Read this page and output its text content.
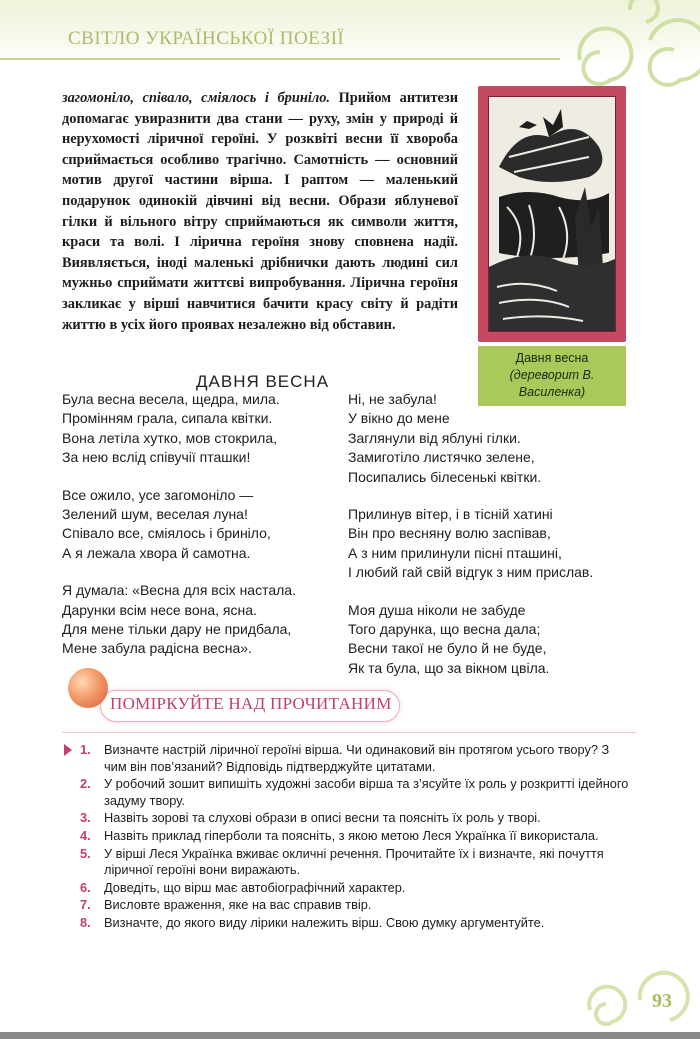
СВІТЛО УКРАЇНСЬКОЇ ПОЕЗІЇ
загомоніло, співало, сміялось і бриніло. Прийом антитези допомагає увиразнити два стани — руху, змін у природі й нерухомості ліричної героїні. У розквіті весни її хвороба сприймається особливо трагічно. Самотність — основний мотив другої частини вірша. І раптом — маленький подарунок одинокій дівчині від весни. Образи яблуневої гілки й вільного вітру сприймаються як символи життя, краси та волі. І лірична героїня знову сповнена надії. Виявляється, іноді маленькі дрібнички дають людині сил мужньо сприймати життєві випробування. Лірична героїня закликає у вірші навчитися бачити красу світу й радіти життю в усіх його проявах незалежно від обставин.
Давня весна
(дереворит В. Василенка)
ДАВНЯ ВЕСНА
Була весна весела, щедра, мила.
Промінням грала, сипала квітки.
Вона летіла хутко, мов стокрила,
За нею вслід співучії пташки!
Все ожило, усе загомоніло —
Зелений шум, веселая луна!
Співало все, сміялось і бриніло,
А я лежала хвора й самотна.
Я думала: «Весна для всіх настала.
Дарунки всім несе вона, ясна.
Для мене тільки дару не придбала,
Мене забула радісна весна».
Ні, не забула!
У вікно до мене
Заглянули від яблуні гілки.
Замиготіло листячко зелене,
Посипались білесенькі квітки.
Прилинув вітер, і в тісній хатині
Він про весняну волю заспівав,
А з ним прилинули пісні пташині,
І любий гай свій відгук з ним прислав.
Моя душа ніколи не забуде
Того дарунка, що весна дала;
Весни такої не було й не буде,
Як та була, що за вікном цвіла.
ПОМІРКУЙТЕ НАД ПРОЧИТАНИМ
1. Визначте настрій ліричної героїні вірша. Чи одинаковий він протягом усього твору? З чим він пов’язаний? Відповідь підтверджуйте цитатами.
2. У робочий зошит випишіть художні засоби вірша та з’ясуйте їх роль у розкритті ідейного задуму твору.
3. Назвіть зорові та слухові образи в описі весни та поясніть їх роль у творі.
4. Назвіть приклад гіперболи та поясніть, з якою метою Леся Українка її використала.
5. У вірші Леся Українка вживає окличні речення. Прочитайте їх і визначте, які почуття ліричної героїні вони виражають.
6. Доведіть, що вірш має автобіографічний характер.
7. Висловте враження, яке на вас справив твір.
8. Визначте, до якого виду лірики належить вірш. Свою думку аргументуйте.
93
